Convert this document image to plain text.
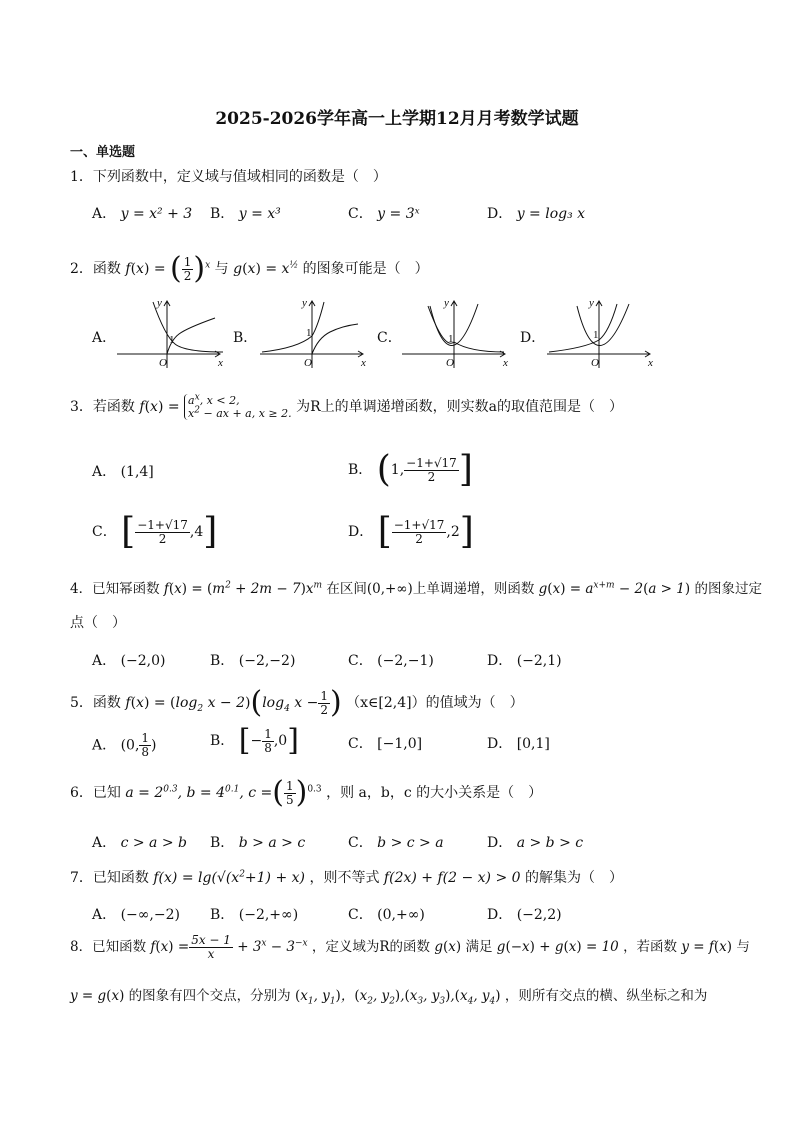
2025-2026学年高一上学期12月月考数学试题
一、单选题
1．下列函数中，定义域与值域相同的函数是（　）
A． y = x² + 3 B． y = x³	C． y = 3ˣ	D． y = log₃ x
2．函数 f(x) = ( $\frac{1}{2} )^x$ 与 $g(x) = x^{\frac{1}{2}}$ 的图象可能是（　）
A．	B．	C．	D．
y
x
O
1
y
x
O
1
y
x
O
1
y
x
O
1
3．若函数 $f(x) = a^x$, x < 2,
$x^2$ − ax + a, x ≥ 2. 为R上的单调递增函数，则实数a的取值范围是（　）
A． (1,4]	B． (1, $\frac{-1+√17}{2}$ ]
C． [ $\frac{-1+√17}{2} ,4$]	D． [ $\frac{-1+√17}{2} ,2$]
4．已知幂函数 $f(x) = (m^2 + 2m - 7)x^m$ 在区间(0,+∞)上单调递增，则函数 $g(x) = a^{x+m} - 2(a > 1)$ 的图象过定
点（　）
A． (−2,0)	B． (−2,−2)	C． (−2,−1)	D． (−2,1)
5．函数 $f(x) = (\log_2$ $x - 2)(\log_4$ $x - \frac{1}{2}$ ) （x∈[2,4]）的值域为（　）
A． (0, $\frac{1}{8}$ )	B． [− $\frac{1}{8} ,0$]	C． [−1,0]	D． [0,1]
6．已知 $a = 2^{0.3}$, $b = 4^{0.1}$, c =( $\frac{1}{5} )^{0.3}$ ，则 a，b，c 的大小关系是（　）
A． c > a > b B． b > a > c	C． b > c > a	D． a > b > c
7．已知函数 $f(x) = \lg(√(x^2+1) + x)$ ，则不等式 f(2x) + f(2 − x) > 0 的解集为（　）
A． (−∞,−2) B． (−2,+∞)	C． (0,+∞)	D． (−2,2)
8．已知函数 $f(x) = \frac{5x - 1}{x} + 3^x - 3^{-x}$ ，定义域为R的函数 g(x) 满足 g(−x) + g(x) = 10 ，若函数 y = f(x) 与
y = g(x) 的图象有四个交点，分别为 ($x_1$, $y_1$)，($x_2$, $y_2),(x_3$, $y_3),(x_4$, $y_4$) ，则所有交点的横、纵坐标之和为
